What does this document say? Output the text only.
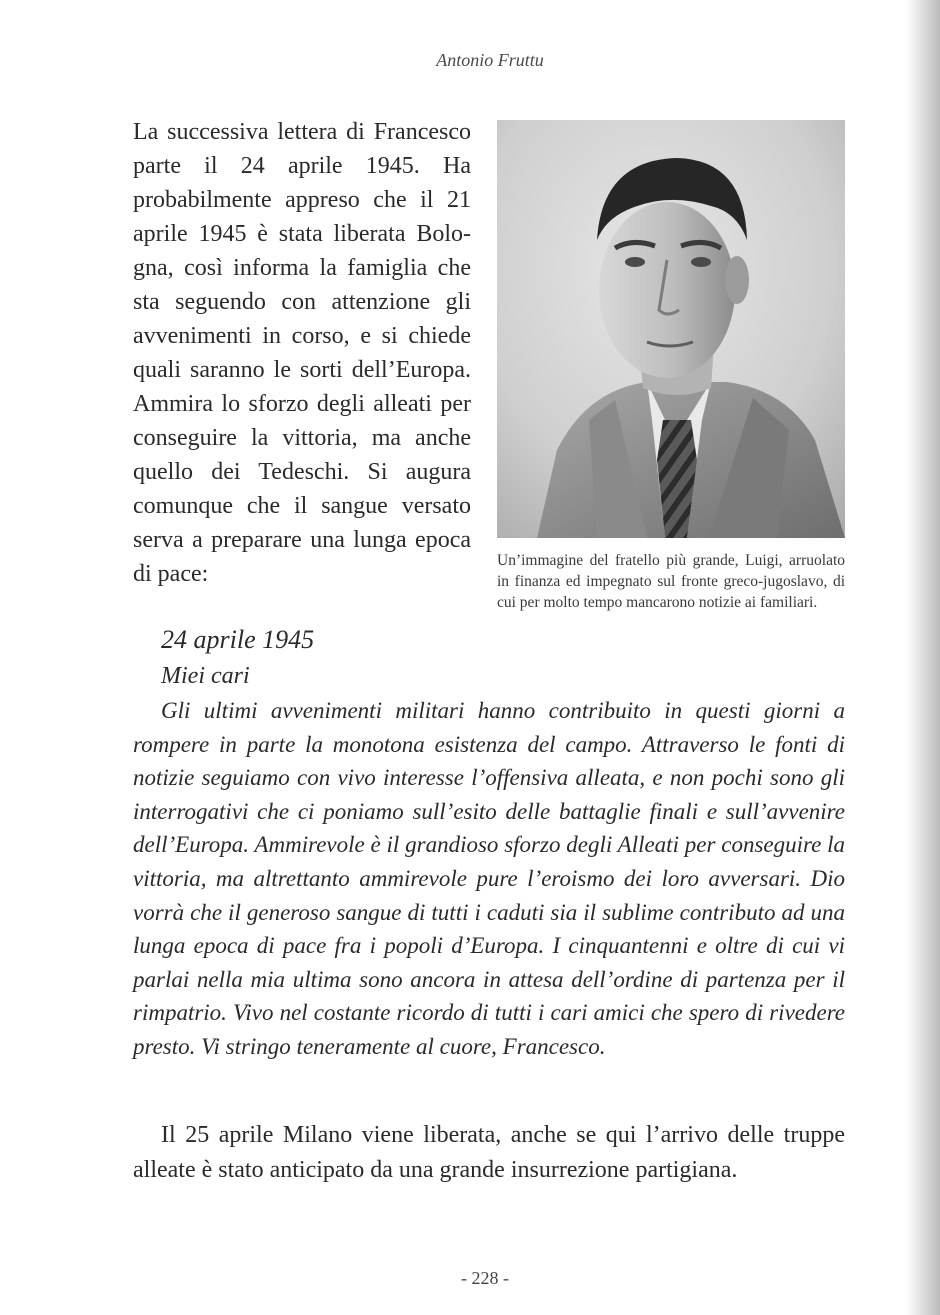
Antonio Fruttu

La successiva lettera di Francesco parte il 24 aprile 1945. Ha probabilmente appreso che il 21 aprile 1945 è stata liberata Bologna, così informa la famiglia che sta seguendo con attenzione gli avvenimenti in corso, e si chiede quali saranno le sorti dell’Europa. Ammira lo sforzo degli alleati per conseguire la vittoria, ma anche quello dei Tedeschi. Si augura comunque che il sangue versato serva a preparare una lunga epoca di pace:

Un’immagine del fratello più grande, Luigi, arruolato in finanza ed impegnato sul fronte greco-jugoslavo, di cui per molto tempo mancarono notizie ai familiari.

24 aprile 1945

Miei cari

Gli ultimi avvenimenti militari hanno contribuito in questi giorni a rompere in parte la monotona esistenza del campo. Attraverso le fonti di notizie seguiamo con vivo interesse l’offensiva alleata, e non pochi sono gli interrogativi che ci poniamo sull’esito delle battaglie finali e sull’avvenire dell’Europa. Ammirevole è il grandioso sforzo degli Alleati per conseguire la vittoria, ma altrettanto ammirevole pure l’eroismo dei loro avversari. Dio vorrà che il generoso sangue di tutti i caduti sia il sublime contributo ad una lunga epoca di pace fra i popoli d’Europa. I cinquantenni e oltre di cui vi parlai nella mia ultima sono ancora in attesa dell’ordine di partenza per il rimpatrio. Vivo nel costante ricordo di tutti i cari amici che spero di rivedere presto. Vi stringo teneramente al cuore, Francesco.

Il 25 aprile Milano viene liberata, anche se qui l’arrivo delle truppe alleate è stato anticipato da una grande insurrezione partigiana.

- 228 -
